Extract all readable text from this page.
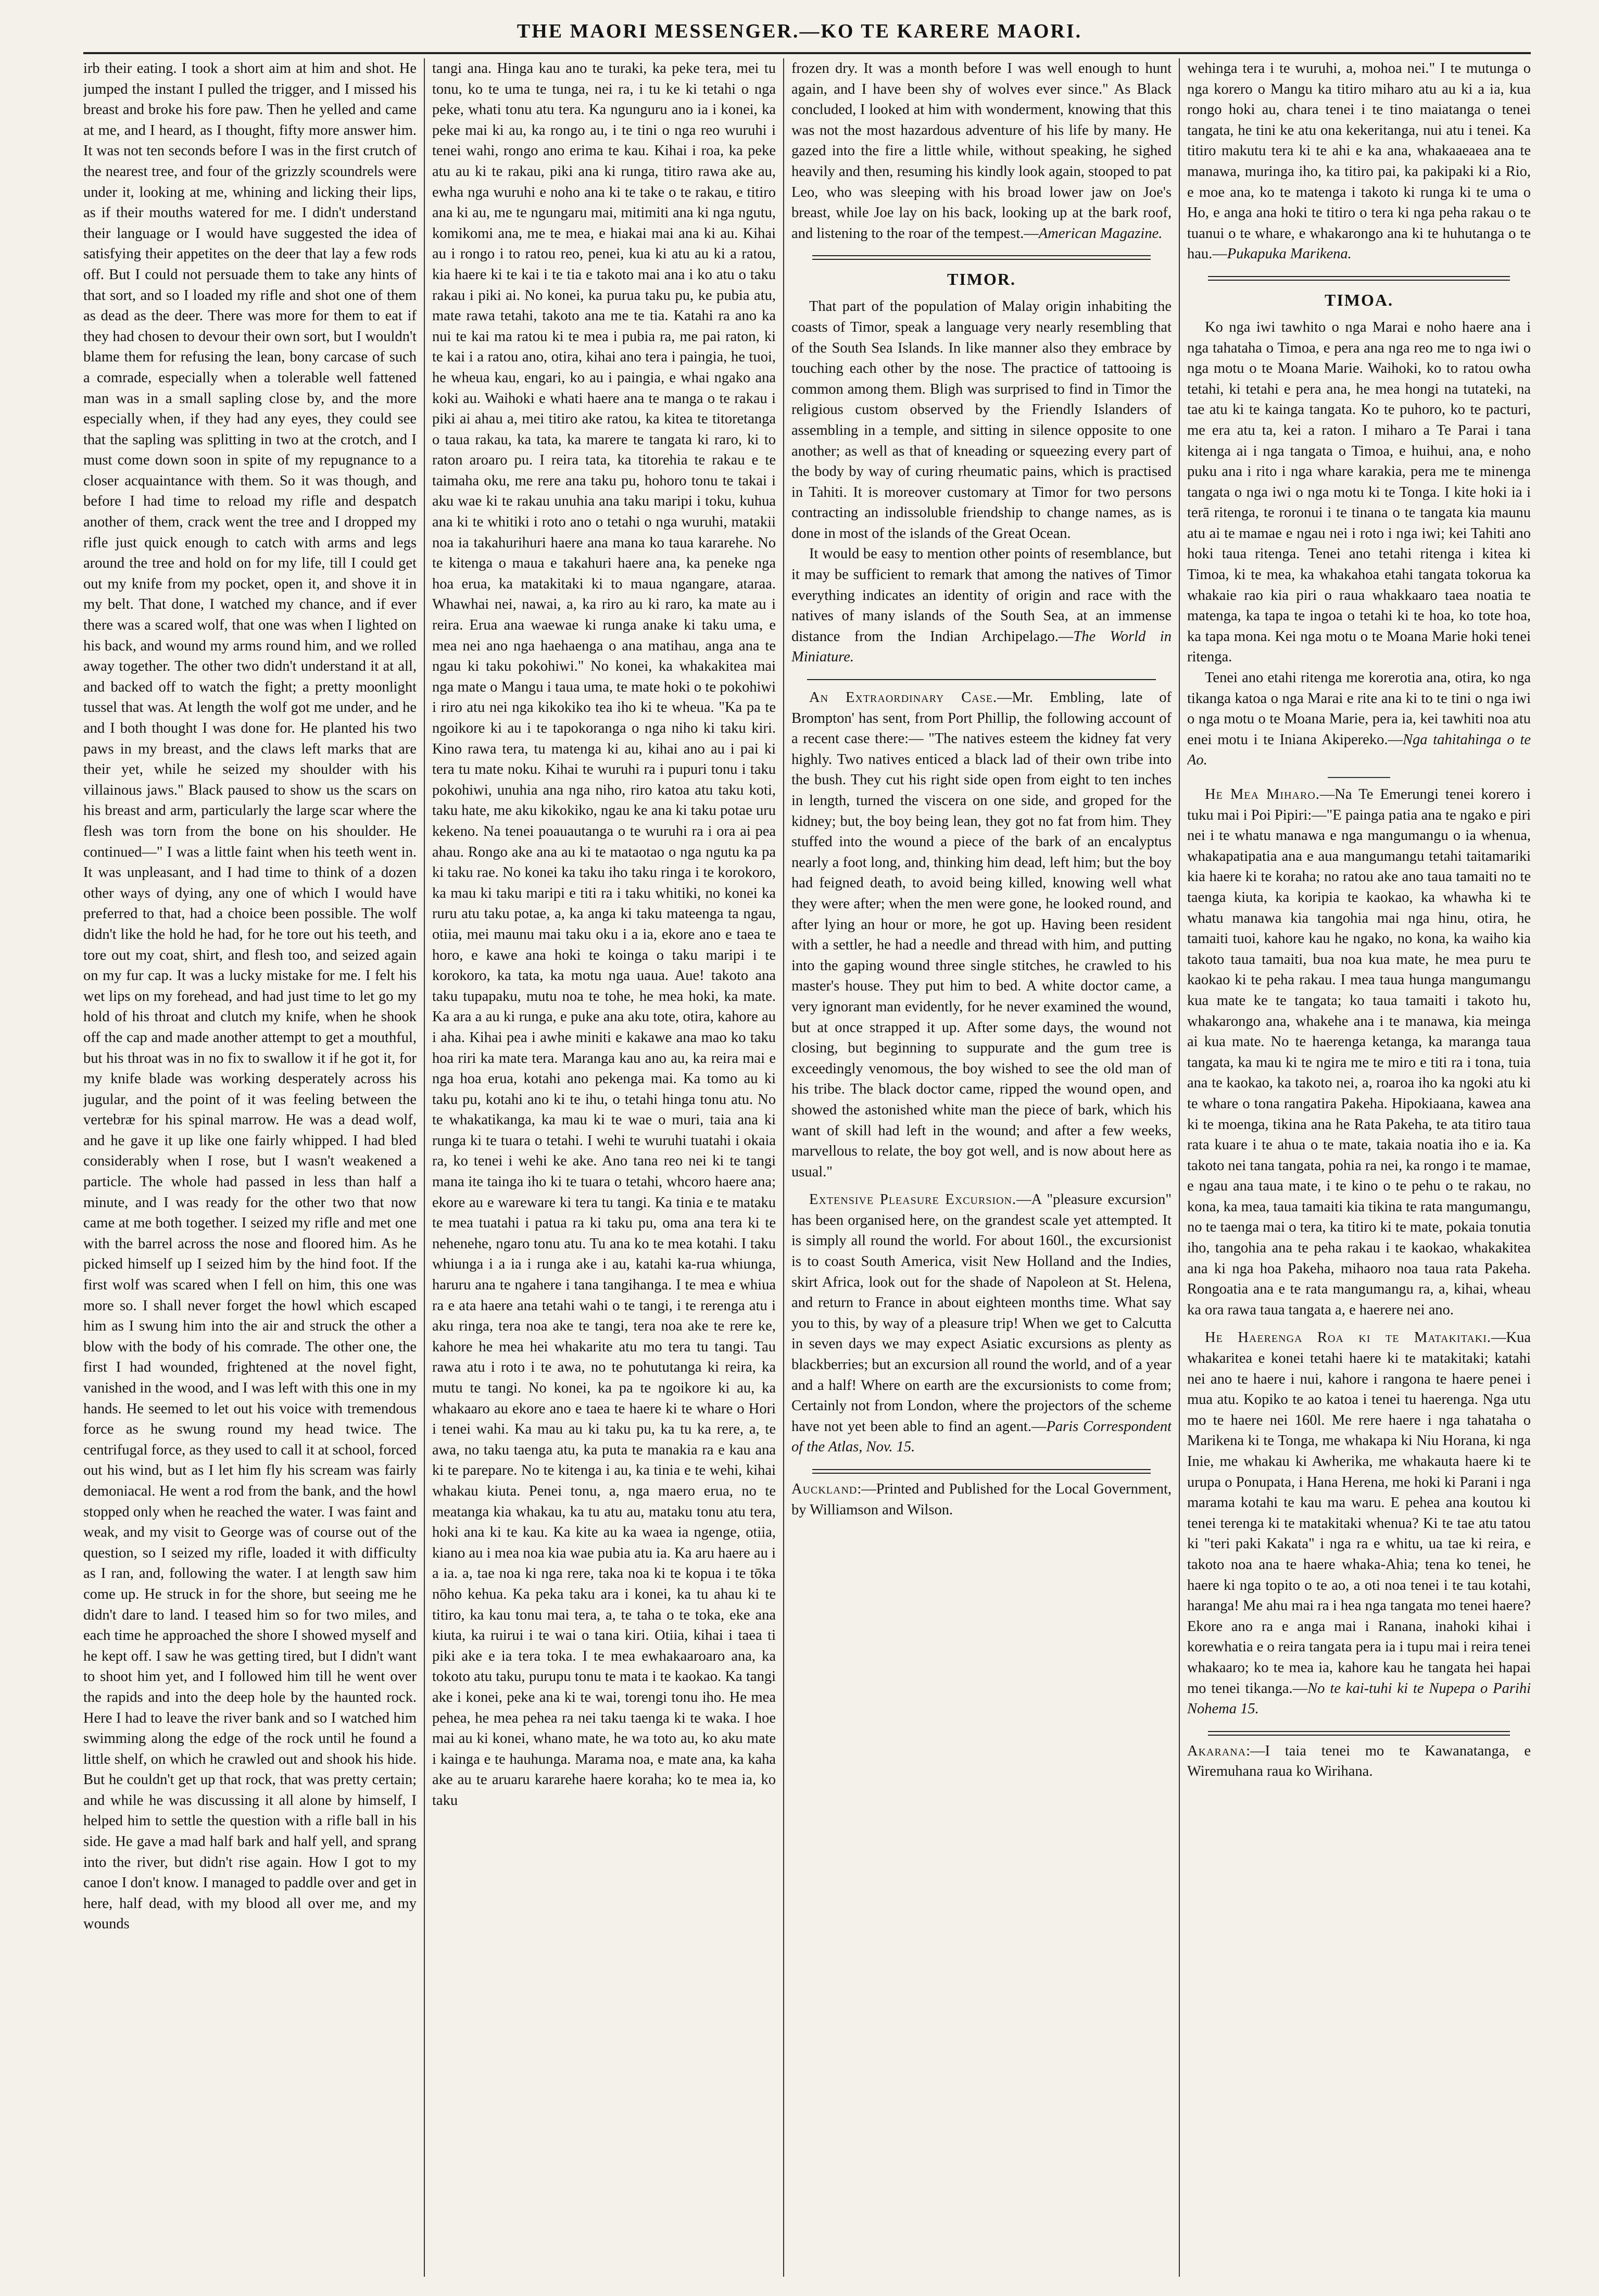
THE MAORI MESSENGER.—KO TE KARERE MAORI.

irb their eating. I took a short aim at him and shot. He jumped the instant I pulled the trigger, and I missed his breast and broke his fore paw. Then he yelled and came at me, and I heard, as I thought, fifty more answer him. It was not ten seconds before I was in the first crutch of the nearest tree, and four of the grizzly scoundrels were under it, looking at me, whining and licking their lips, as if their mouths watered for me. I didn't understand their language or I would have suggested the idea of satisfying their appetites on the deer that lay a few rods off. But I could not persuade them to take any hints of that sort, and so I loaded my rifle and shot one of them as dead as the deer. There was more for them to eat if they had chosen to devour their own sort, but I wouldn't blame them for refusing the lean, bony carcase of such a comrade, especially when a tolerable well fattened man was in a small sapling close by, and the more especially when, if they had any eyes, they could see that the sapling was splitting in two at the crotch, and I must come down soon in spite of my repugnance to a closer acquaintance with them. So it was though, and before I had time to reload my rifle and despatch another of them, crack went the tree and I dropped my rifle just quick enough to catch with arms and legs around the tree and hold on for my life, till I could get out my knife from my pocket, open it, and shove it in my belt. That done, I watched my chance, and if ever there was a scared wolf, that one was when I lighted on his back, and wound my arms round him, and we rolled away together. The other two didn't understand it at all, and backed off to watch the fight; a pretty moonlight tussel that was. At length the wolf got me under, and he and I both thought I was done for. He planted his two paws in my breast, and the claws left marks that are their yet, while he seized my shoulder with his villainous jaws." Black paused to show us the scars on his breast and arm, particularly the large scar where the flesh was torn from the bone on his shoulder. He continued—" I was a little faint when his teeth went in. It was unpleasant, and I had time to think of a dozen other ways of dying, any one of which I would have preferred to that, had a choice been possible. The wolf didn't like the hold he had, for he tore out his teeth, and tore out my coat, shirt, and flesh too, and seized again on my fur cap. It was a lucky mistake for me. I felt his wet lips on my forehead, and had just time to let go my hold of his throat and clutch my knife, when he shook off the cap and made another attempt to get a mouthful, but his throat was in no fix to swallow it if he got it, for my knife blade was working desperately across his jugular, and the point of it was feeling between the vertebræ for his spinal marrow. He was a dead wolf, and he gave it up like one fairly whipped. I had bled considerably when I rose, but I wasn't weakened a particle. The whole had passed in less than half a minute, and I was ready for the other two that now came at me both together. I seized my rifle and met one with the barrel across the nose and floored him. As he picked himself up I seized him by the hind foot. If the first wolf was scared when I fell on him, this one was more so. I shall never forget the howl which escaped him as I swung him into the air and struck the other a blow with the body of his comrade. The other one, the first I had wounded, frightened at the novel fight, vanished in the wood, and I was left with this one in my hands. He seemed to let out his voice with tremendous force as he swung round my head twice. The centrifugal force, as they used to call it at school, forced out his wind, but as I let him fly his scream was fairly demoniacal. He went a rod from the bank, and the howl stopped only when he reached the water. I was faint and weak, and my visit to George was of course out of the question, so I seized my rifle, loaded it with difficulty as I ran, and, following the water. I at length saw him come up. He struck in for the shore, but seeing me he didn't dare to land. I teased him so for two miles, and each time he approached the shore I showed myself and he kept off. I saw he was getting tired, but I didn't want to shoot him yet, and I followed him till he went over the rapids and into the deep hole by the haunted rock. Here I had to leave the river bank and so I watched him swimming along the edge of the rock until he found a little shelf, on which he crawled out and shook his hide. But he couldn't get up that rock, that was pretty certain; and while he was discussing it all alone by himself, I helped him to settle the question with a rifle ball in his side. He gave a mad half bark and half yell, and sprang into the river, but didn't rise again. How I got to my canoe I don't know. I managed to paddle over and get in here, half dead, with my blood all over me, and my wounds

tangi ana. Hinga kau ano te turaki, ka peke tera, mei tu tonu, ko te uma te tunga, nei ra, i tu ke ki tetahi o nga peke, whati tonu atu tera. Ka ngunguru ano ia i konei, ka peke mai ki au, ka rongo au, i te tini o nga reo wuruhi i tenei wahi, rongo ano erima te kau. Kihai i roa, ka peke atu au ki te rakau, piki ana ki runga, titiro rawa ake au, ewha nga wuruhi e noho ana ki te take o te rakau, e titiro ana ki au, me te ngungaru mai, mitimiti ana ki nga ngutu, komikomi ana, me te mea, e hiakai mai ana ki au. Kihai au i rongo i to ratou reo, penei, kua ki atu au ki a ratou, kia haere ki te kai i te tia e takoto mai ana i ko atu o taku rakau i piki ai. No konei, ka purua taku pu, ke pubia atu, mate rawa tetahi, takoto ana me te tia. Katahi ra ano ka nui te kai ma ratou ki te mea i pubia ra, me pai raton, ki te kai i a ratou ano, otira, kihai ano tera i paingia, he tuoi, he wheua kau, engari, ko au i paingia, e whai ngako ana koki au. Waihoki e whati haere ana te manga o te rakau i piki ai ahau a, mei titiro ake ratou, ka kitea te titoretanga o taua rakau, ka tata, ka marere te tangata ki raro, ki to raton aroaro pu. I reira tata, ka titorehia te rakau e te taimaha oku, me rere ana taku pu, hohoro tonu te takai i aku wae ki te rakau unuhia ana taku maripi i toku, kuhua ana ki te whitiki i roto ano o tetahi o nga wuruhi, matakii noa ia takahurihuri haere ana mana ko taua kararehe. No te kitenga o maua e takahuri haere ana, ka peneke nga hoa erua, ka matakitaki ki to maua ngangare, ataraa. Whawhai nei, nawai, a, ka riro au ki raro, ka mate au i reira. Erua ana waewae ki runga anake ki taku uma, e mea nei ano nga haehaenga o ana matihau, anga ana te ngau ki taku pokohiwi." No konei, ka whakakitea mai nga mate o Mangu i taua uma, te mate hoki o te pokohiwi i riro atu nei nga kikokiko tea iho ki te wheua. "Ka pa te ngoikore ki au i te tapokoranga o nga niho ki taku kiri. Kino rawa tera, tu matenga ki au, kihai ano au i pai ki tera tu mate noku. Kihai te wuruhi ra i pupuri tonu i taku pokohiwi, unuhia ana nga niho, riro katoa atu taku koti, taku hate, me aku kikokiko, ngau ke ana ki taku potae uru kekeno. Na tenei poauautanga o te wuruhi ra i ora ai pea ahau. Rongo ake ana au ki te mataotao o nga ngutu ka pa ki taku rae. No konei ka taku iho taku ringa i te korokoro, ka mau ki taku maripi e titi ra i taku whitiki, no konei ka ruru atu taku potae, a, ka anga ki taku mateenga ta ngau, otiia, mei maunu mai taku oku i a ia, ekore ano e taea te horo, e kawe ana hoki te koinga o taku maripi i te korokoro, ka tata, ka motu nga uaua. Aue! takoto ana taku tupapaku, mutu noa te tohe, he mea hoki, ka mate. Ka ara a au ki runga, e puke ana aku tote, otira, kahore au i aha. Kihai pea i awhe miniti e kakawe ana mao ko taku hoa riri ka mate tera. Maranga kau ano au, ka reira mai e nga hoa erua, kotahi ano pekenga mai. Ka tomo au ki taku pu, kotahi ano ki te ihu, o tetahi hinga tonu atu. No te whakatikanga, ka mau ki te wae o muri, taia ana ki runga ki te tuara o tetahi. I wehi te wuruhi tuatahi i okaia ra, ko tenei i wehi ke ake. Ano tana reo nei ki te tangi mana ite tainga iho ki te tuara o tetahi, whcoro haere ana; ekore au e wareware ki tera tu tangi. Ka tinia e te mataku te mea tuatahi i patua ra ki taku pu, oma ana tera ki te nehenehe, ngaro tonu atu. Tu ana ko te mea kotahi. I taku whiunga i a ia i runga ake i au, katahi ka-rua whiunga, haruru ana te ngahere i tana tangihanga. I te mea e whiua ra e ata haere ana tetahi wahi o te tangi, i te rerenga atu i aku ringa, tera noa ake te tangi, tera noa ake te rere ke, kahore he mea hei whakarite atu mo tera tu tangi. Tau rawa atu i roto i te awa, no te pohututanga ki reira, ka mutu te tangi. No konei, ka pa te ngoikore ki au, ka whakaaro au ekore ano e taea te haere ki te whare o Hori i tenei wahi. Ka mau au ki taku pu, ka tu ka rere, a, te awa, no taku taenga atu, ka puta te manakia ra e kau ana ki te parepare. No te kitenga i au, ka tinia e te wehi, kihai whakau kiuta. Penei tonu, a, nga maero erua, no te meatanga kia whakau, ka tu atu au, mataku tonu atu tera, hoki ana ki te kau. Ka kite au ka waea ia ngenge, otiia, kiano au i mea noa kia wae pubia atu ia. Ka aru haere au i a ia. a, tae noa ki nga rere, taka noa ki te kopua i te tōka nōho kehua. Ka peka taku ara i konei, ka tu ahau ki te titiro, ka kau tonu mai tera, a, te taha o te toka, eke ana kiuta, ka ruirui i te wai o tana kiri. Otiia, kihai i taea ti piki ake e ia tera toka. I te mea ewhakaaroaro ana, ka tokoto atu taku, purupu tonu te mata i te kaokao. Ka tangi ake i konei, peke ana ki te wai, torengi tonu iho. He mea pehea, he mea pehea ra nei taku taenga ki te waka. I hoe mai au ki konei, whano mate, he wa toto au, ko aku mate i kainga e te hauhunga. Marama noa, e mate ana, ka kaha ake au te aruaru kararehe haere koraha; ko te mea ia, ko taku

frozen dry. It was a month before I was well enough to hunt again, and I have been shy of wolves ever since." As Black concluded, I looked at him with wonderment, knowing that this was not the most hazardous adventure of his life by many. He gazed into the fire a little while, without speaking, he sighed heavily and then, resuming his kindly look again, stooped to pat Leo, who was sleeping with his broad lower jaw on Joe's breast, while Joe lay on his back, looking up at the bark roof, and listening to the roar of the tempest.—American Magazine.

TIMOR.

That part of the population of Malay origin inhabiting the coasts of Timor, speak a language very nearly resembling that of the South Sea Islands. In like manner also they embrace by touching each other by the nose. The practice of tattooing is common among them. Bligh was surprised to find in Timor the religious custom observed by the Friendly Islanders of assembling in a temple, and sitting in silence opposite to one another; as well as that of kneading or squeezing every part of the body by way of curing rheumatic pains, which is practised in Tahiti. It is moreover customary at Timor for two persons contracting an indissoluble friendship to change names, as is done in most of the islands of the Great Ocean.

It would be easy to mention other points of resemblance, but it may be sufficient to remark that among the natives of Timor everything indicates an identity of origin and race with the natives of many islands of the South Sea, at an immense distance from the Indian Archipelago.—The World in Miniature.

An Extraordinary Case.—Mr. Embling, late of Brompton' has sent, from Port Phillip, the following account of a recent case there:— "The natives esteem the kidney fat very highly. Two natives enticed a black lad of their own tribe into the bush. They cut his right side open from eight to ten inches in length, turned the viscera on one side, and groped for the kidney; but, the boy being lean, they got no fat from him. They stuffed into the wound a piece of the bark of an encalyptus nearly a foot long, and, thinking him dead, left him; but the boy had feigned death, to avoid being killed, knowing well what they were after; when the men were gone, he looked round, and after lying an hour or more, he got up. Having been resident with a settler, he had a needle and thread with him, and putting into the gaping wound three single stitches, he crawled to his master's house. They put him to bed. A white doctor came, a very ignorant man evidently, for he never examined the wound, but at once strapped it up. After some days, the wound not closing, but beginning to suppurate and the gum tree is exceedingly venomous, the boy wished to see the old man of his tribe. The black doctor came, ripped the wound open, and showed the astonished white man the piece of bark, which his want of skill had left in the wound; and after a few weeks, marvellous to relate, the boy got well, and is now about here as usual."

Extensive Pleasure Excursion.—A "pleasure excursion" has been organised here, on the grandest scale yet attempted. It is simply all round the world. For about 160l., the excursionist is to coast South America, visit New Holland and the Indies, skirt Africa, look out for the shade of Napoleon at St. Helena, and return to France in about eighteen months time. What say you to this, by way of a pleasure trip! When we get to Calcutta in seven days we may expect Asiatic excursions as plenty as blackberries; but an excursion all round the world, and of a year and a half! Where on earth are the excursionists to come from; Certainly not from London, where the projectors of the scheme have not yet been able to find an agent.—Paris Correspondent of the Atlas, Nov. 15.

Auckland:—Printed and Published for the Local Government, by Williamson and Wilson.

wehinga tera i te wuruhi, a, mohoa nei." I te mutunga o nga korero o Mangu ka titiro miharo atu au ki a ia, kua rongo hoki au, chara tenei i te tino maiatanga o tenei tangata, he tini ke atu ona kekeritanga, nui atu i tenei. Ka titiro makutu tera ki te ahi e ka ana, whakaaeaea ana te manawa, muringa iho, ka titiro pai, ka pakipaki ki a Rio, e moe ana, ko te matenga i takoto ki runga ki te uma o Ho, e anga ana hoki te titiro o tera ki nga peha rakau o te tuanui o te whare, e whakarongo ana ki te huhutanga o te hau.—Pukapuka Marikena.

TIMOA.

Ko nga iwi tawhito o nga Marai e noho haere ana i nga tahataha o Timoa, e pera ana nga reo me to nga iwi o nga motu o te Moana Marie. Waihoki, ko to ratou owha tetahi, ki tetahi e pera ana, he mea hongi na tutateki, na tae atu ki te kainga tangata. Ko te puhoro, ko te pacturi, me era atu ta, kei a raton. I miharo a Te Parai i tana kitenga ai i nga tangata o Timoa, e huihui, ana, e noho puku ana i rito i nga whare karakia, pera me te minenga tangata o nga iwi o nga motu ki te Tonga. I kite hoki ia i terā ritenga, te roronui i te tinana o te tangata kia maunu atu ai te mamae e ngau nei i roto i nga iwi; kei Tahiti ano hoki taua ritenga. Tenei ano tetahi ritenga i kitea ki Timoa, ki te mea, ka whakahoa etahi tangata tokorua ka whakaie rao kia piri o raua whakkaaro taea noatia te matenga, ka tapa te ingoa o tetahi ki te hoa, ko tote hoa, ka tapa mona. Kei nga motu o te Moana Marie hoki tenei ritenga.

Tenei ano etahi ritenga me korerotia ana, otira, ko nga tikanga katoa o nga Marai e rite ana ki to te tini o nga iwi o nga motu o te Moana Marie, pera ia, kei tawhiti noa atu enei motu i te Iniana Akipereko.—Nga tahitahinga o te Ao.

He Mea Miharo.—Na Te Emerungi tenei korero i tuku mai i Poi Pipiri:—"E painga patia ana te ngako e piri nei i te whatu manawa e nga mangumangu o ia whenua, whakapatipatia ana e aua mangumangu tetahi taitamariki kia haere ki te koraha; no ratou ake ano taua tamaiti no te taenga kiuta, ka koripia te kaokao, ka whawha ki te whatu manawa kia tangohia mai nga hinu, otira, he tamaiti tuoi, kahore kau he ngako, no kona, ka waiho kia takoto taua tamaiti, bua noa kua mate, he mea puru te kaokao ki te peha rakau. I mea taua hunga mangumangu kua mate ke te tangata; ko taua tamaiti i takoto hu, whakarongo ana, whakehe ana i te manawa, kia meinga ai kua mate. No te haerenga ketanga, ka maranga taua tangata, ka mau ki te ngira me te miro e titi ra i tona, tuia ana te kaokao, ka takoto nei, a, roaroa iho ka ngoki atu ki te whare o tona rangatira Pakeha. Hipokiaana, kawea ana ki te moenga, tikina ana he Rata Pakeha, te ata titiro taua rata kuare i te ahua o te mate, takaia noatia iho e ia. Ka takoto nei tana tangata, pohia ra nei, ka rongo i te mamae, e ngau ana taua mate, i te kino o te pehu o te rakau, no kona, ka mea, taua tamaiti kia tikina te rata mangumangu, no te taenga mai o tera, ka titiro ki te mate, pokaia tonutia iho, tangohia ana te peha rakau i te kaokao, whakakitea ana ki nga hoa Pakeha, mihaoro noa taua rata Pakeha. Rongoatia ana e te rata mangumangu ra, a, kihai, wheau ka ora rawa taua tangata a, e haerere nei ano.

He Haerenga Roa ki te Matakitaki.—Kua whakaritea e konei tetahi haere ki te matakitaki; katahi nei ano te haere i nui, kahore i rangona te haere penei i mua atu. Kopiko te ao katoa i tenei tu haerenga. Nga utu mo te haere nei 160l. Me rere haere i nga tahataha o Marikena ki te Tonga, me whakapa ki Niu Horana, ki nga Inie, me whakau ki Awherika, me whakauta haere ki te urupa o Ponupata, i Hana Herena, me hoki ki Parani i nga marama kotahi te kau ma waru. E pehea ana koutou ki tenei terenga ki te matakitaki whenua? Ki te tae atu tatou ki "teri paki Kakata" i nga ra e whitu, ua tae ki reira, e takoto noa ana te haere whaka-Ahia; tena ko tenei, he haere ki nga topito o te ao, a oti noa tenei i te tau kotahi, haranga! Me ahu mai ra i hea nga tangata mo tenei haere? Ekore ano ra e anga mai i Ranana, inahoki kihai i korewhatia e o reira tangata pera ia i tupu mai i reira tenei whakaaro; ko te mea ia, kahore kau he tangata hei hapai mo tenei tikanga.—No te kai-tuhi ki te Nupepa o Parihi Nohema 15.

Akarana:—I taia tenei mo te Kawanatanga, e Wiremuhana raua ko Wirihana.
